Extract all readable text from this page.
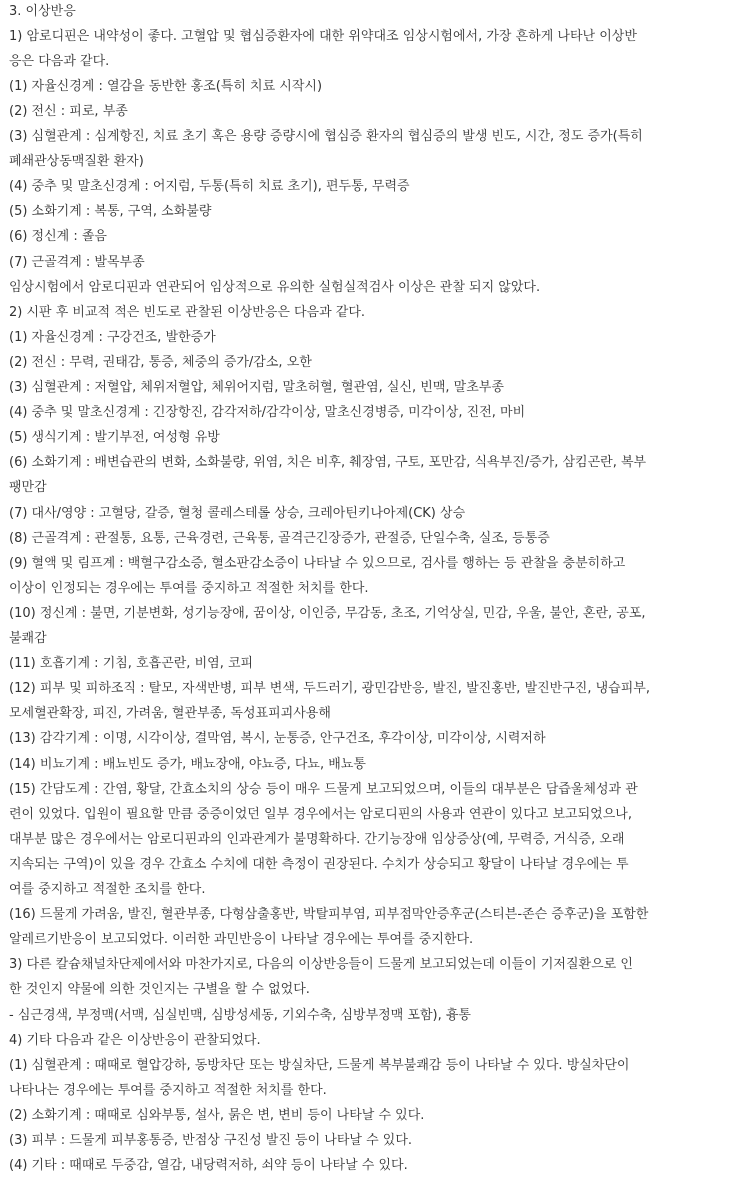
3. 이상반응
1) 암로디핀은 내약성이 좋다. 고혈압 및 협심증환자에 대한 위약대조 임상시험에서, 가장 흔하게 나타난 이상반
응은 다음과 같다.
(1) 자율신경계 : 열감을 동반한 홍조(특히 치료 시작시)
(2) 전신 : 피로, 부종
(3) 심혈관계 : 심계항진, 치료 초기 혹은 용량 증량시에 협심증 환자의 협심증의 발생 빈도, 시간, 정도 증가(특히
폐쇄관상동맥질환 환자)
(4) 중추 및 말초신경계 : 어지럼, 두통(특히 치료 초기), 편두통, 무력증
(5) 소화기계 : 복통, 구역, 소화불량
(6) 정신계 : 졸음
(7) 근골격계 : 발목부종
임상시험에서 암로디핀과 연관되어 임상적으로 유의한 실험실적검사 이상은 관찰 되지 않았다.
2) 시판 후 비교적 적은 빈도로 관찰된 이상반응은 다음과 같다.
(1) 자율신경계 : 구강건조, 발한증가
(2) 전신 : 무력, 권태감, 통증, 체중의 증가/감소, 오한
(3) 심혈관계 : 저혈압, 체위저혈압, 체위어지럼, 말초허혈, 혈관염, 실신, 빈맥, 말초부종
(4) 중추 및 말초신경계 : 긴장항진, 감각저하/감각이상, 말초신경병증, 미각이상, 진전, 마비
(5) 생식기계 : 발기부전, 여성형 유방
(6) 소화기계 : 배변습관의 변화, 소화불량, 위염, 치은 비후, 췌장염, 구토, 포만감, 식욕부진/증가, 삼킴곤란, 복부
팽만감
(7) 대사/영양 : 고혈당, 갈증, 혈청 콜레스테롤 상승, 크레아틴키나아제(CK) 상승
(8) 근골격계 : 관절통, 요통, 근육경련, 근육통, 골격근긴장증가, 관절증, 단일수축, 실조, 등통증
(9) 혈액 및 림프계 : 백혈구감소증, 혈소판감소증이 나타날 수 있으므로, 검사를 행하는 등 관찰을 충분히하고
이상이 인정되는 경우에는 투여를 중지하고 적절한 처치를 한다.
(10) 정신계 : 불면, 기분변화, 성기능장애, 꿈이상, 이인증, 무감동, 초조, 기억상실, 민감, 우울, 불안, 혼란, 공포,
불쾌감
(11) 호흡기계 : 기침, 호흡곤란, 비염, 코피
(12) 피부 및 피하조직 : 탈모, 자색반병, 피부 변색, 두드러기, 광민감반응, 발진, 발진홍반, 발진반구진, 냉습피부,
모세혈관확장, 피진, 가려움, 혈관부종, 독성표피괴사용해
(13) 감각기계 : 이명, 시각이상, 결막염, 복시, 눈통증, 안구건조, 후각이상, 미각이상, 시력저하
(14) 비뇨기계 : 배뇨빈도 증가, 배뇨장애, 야뇨증, 다뇨, 배뇨통
(15) 간담도계 : 간염, 황달, 간효소치의 상승 등이 매우 드물게 보고되었으며, 이들의 대부분은 담즙울체성과 관
련이 있었다. 입원이 필요할 만큼 중증이었던 일부 경우에서는 암로디핀의 사용과 연관이 있다고 보고되었으나,
대부분 많은 경우에서는 암로디핀과의 인과관계가 불명확하다. 간기능장애 임상증상(예, 무력증, 거식증, 오래
지속되는 구역)이 있을 경우 간효소 수치에 대한 측정이 권장된다. 수치가 상승되고 황달이 나타날 경우에는 투
여를 중지하고 적절한 조치를 한다.
(16) 드물게 가려움, 발진, 혈관부종, 다형삼출홍반, 박탈피부염, 피부점막안증후군(스티븐-존슨 증후군)을 포함한
알레르기반응이 보고되었다. 이러한 과민반응이 나타날 경우에는 투여를 중지한다.
3) 다른 칼슘채널차단제에서와 마찬가지로, 다음의 이상반응들이 드물게 보고되었는데 이들이 기저질환으로 인
한 것인지 약물에 의한 것인지는 구별을 할 수 없었다.
- 심근경색, 부정맥(서맥, 심실빈맥, 심방성세동, 기외수축, 심방부정맥 포함), 흉통
4) 기타 다음과 같은 이상반응이 관찰되었다.
(1) 심혈관계 : 때때로 혈압강하, 동방차단 또는 방실차단, 드물게 복부불쾌감 등이 나타날 수 있다. 방실차단이
나타나는 경우에는 투여를 중지하고 적절한 처치를 한다.
(2) 소화기계 : 때때로 심와부통, 설사, 묽은 변, 변비 등이 나타날 수 있다.
(3) 피부 : 드물게 피부홍통증, 반점상 구진성 발진 등이 나타날 수 있다.
(4) 기타 : 때때로 두중감, 열감, 내당력저하, 쇠약 등이 나타날 수 있다.
